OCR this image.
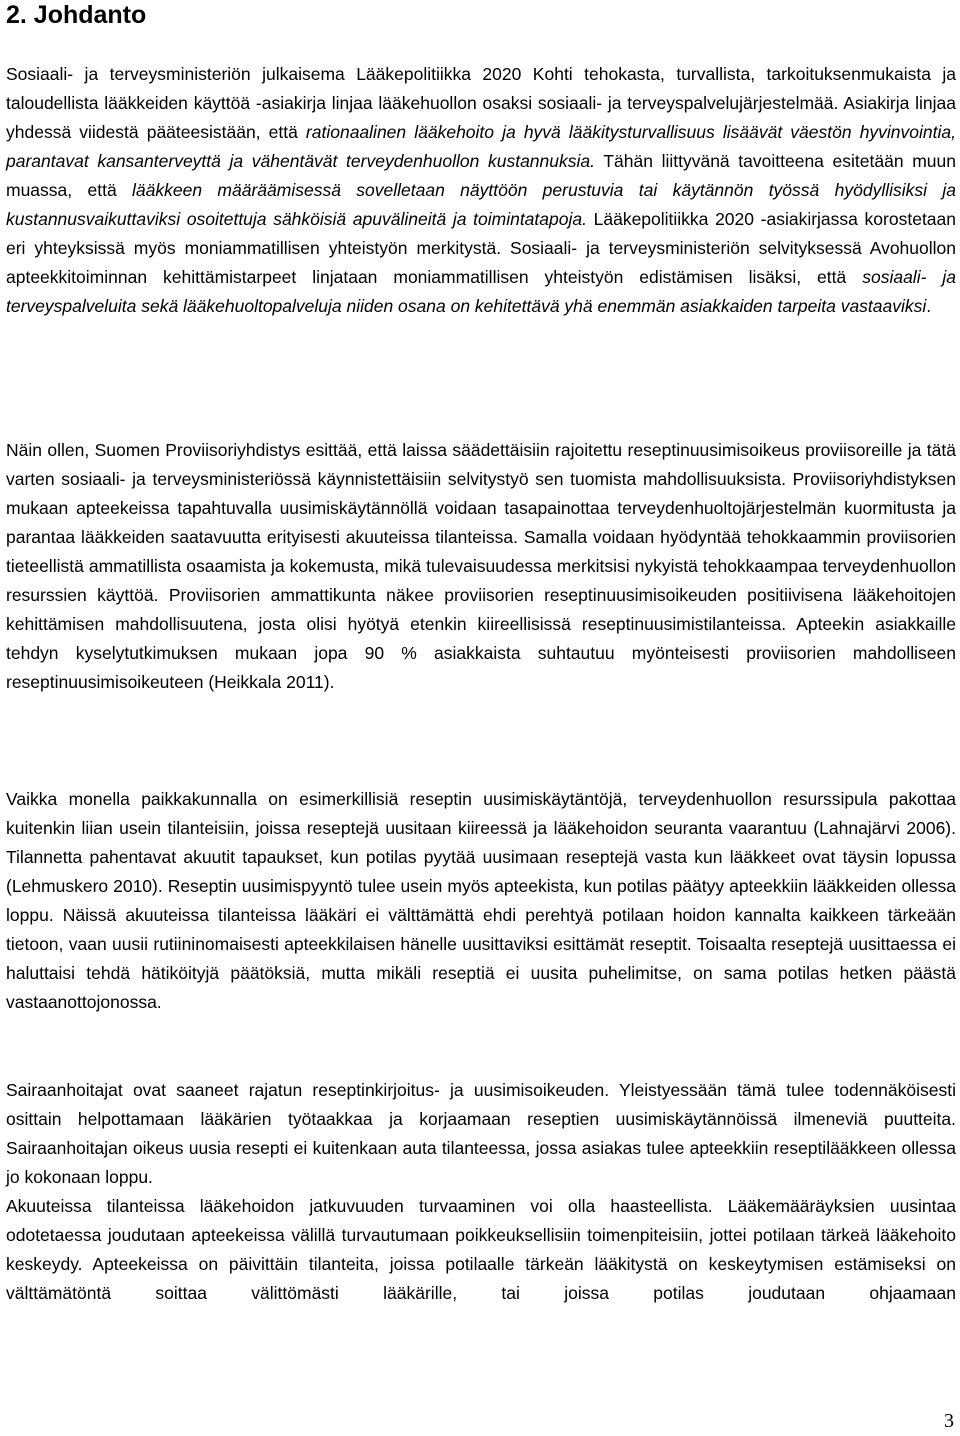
2. Johdanto

Sosiaali- ja terveysministeriön julkaisema Lääkepolitiikka 2020 Kohti tehokasta, turvallista, tarkoituksenmukaista ja taloudellista lääkkeiden käyttöä -asiakirja linjaa lääkehuollon osaksi sosiaali- ja terveyspalvelujärjestelmää. Asiakirja linjaa yhdessä viidestä pääteesistään, että rationaalinen lääkehoito ja hyvä lääkitysturvallisuus lisäävät väestön hyvinvointia, parantavat kansanterveyttä ja vähentävät terveydenhuollon kustannuksia. Tähän liittyvänä tavoitteena esitetään muun muassa, että lääkkeen määräämisessä sovelletaan näyttöön perustuvia tai käytännön työssä hyödyllisiksi ja kustannusvaikuttaviksi osoitettuja sähköisiä apuvälineitä ja toimintatapoja. Lääkepolitiikka 2020 -asiakirjassa korostetaan eri yhteyksissä myös moniammatillisen yhteistyön merkitystä. Sosiaali- ja terveysministeriön selvityksessä Avohuollon apteekkitoiminnan kehittämistarpeet linjataan moniammatillisen yhteistyön edistämisen lisäksi, että sosiaali- ja terveyspalveluita sekä lääkehuoltopalveluja niiden osana on kehitettävä yhä enemmän asiakkaiden tarpeita vastaaviksi.

Näin ollen, Suomen Proviisoriyhdistys esittää, että laissa säädettäisiin rajoitettu reseptinuusimisoikeus proviisoreille ja tätä varten sosiaali- ja terveysministeriössä käynnistettäisiin selvitystyö sen tuomista mahdollisuuksista. Proviisoriyhdistyksen mukaan apteekeissa tapahtuvalla uusimiskäytännöllä voidaan tasapainottaa terveydenhuoltojärjestelmän kuormitusta ja parantaa lääkkeiden saatavuutta erityisesti akuuteissa tilanteissa. Samalla voidaan hyödyntää tehokkaammin proviisorien tieteellistä ammatillista osaamista ja kokemusta, mikä tulevaisuudessa merkitsisi nykyistä tehokkaampaa terveydenhuollon resurssien käyttöä. Proviisorien ammattikunta näkee proviisorien reseptinuusimisoikeuden positiivisena lääkehoitojen kehittämisen mahdollisuutena, josta olisi hyötyä etenkin kiireellisissä reseptinuusimistilanteissa. Apteekin asiakkaille tehdyn kyselytutkimuksen mukaan jopa 90 % asiakkaista suhtautuu myönteisesti proviisorien mahdolliseen reseptinuusimisoikeuteen (Heikkala 2011).

Vaikka monella paikkakunnalla on esimerkillisiä reseptin uusimiskäytäntöjä, terveydenhuollon resurssipula pakottaa kuitenkin liian usein tilanteisiin, joissa reseptejä uusitaan kiireessä ja lääkehoidon seuranta vaarantuu (Lahnajärvi 2006). Tilannetta pahentavat akuutit tapaukset, kun potilas pyytää uusimaan reseptejä vasta kun lääkkeet ovat täysin lopussa (Lehmuskero 2010). Reseptin uusimispyyntö tulee usein myös apteekista, kun potilas päätyy apteekkiin lääkkeiden ollessa loppu. Näissä akuuteissa tilanteissa lääkäri ei välttämättä ehdi perehtyä potilaan hoidon kannalta kaikkeen tärkeään tietoon, vaan uusii rutiininomaisesti apteekkilaisen hänelle uusittaviksi esittämät reseptit. Toisaalta reseptejä uusittaessa ei haluttaisi tehdä hätiköityjä päätöksiä, mutta mikäli reseptiä ei uusita puhelimitse, on sama potilas hetken päästä vastaanottojonossa.

Sairaanhoitajat ovat saaneet rajatun reseptinkirjoitus- ja uusimisoikeuden. Yleistyessään tämä tulee todennäköisesti osittain helpottamaan lääkärien työtaakkaa ja korjaamaan reseptien uusimiskäytännöissä ilmeneviä puutteita. Sairaanhoitajan oikeus uusia resepti ei kuitenkaan auta tilanteessa, jossa asiakas tulee apteekkiin reseptilääkkeen ollessa jo kokonaan loppu.

Akuuteissa tilanteissa lääkehoidon jatkuvuuden turvaaminen voi olla haasteellista. Lääkemääräyksien uusintaa odotetaessa joudutaan apteekeissa välillä turvautumaan poikkeuksellisiin toimenpiteisiin, jottei potilaan tärkeä lääkehoito keskeydy. Apteekeissa on päivittäin tilanteita, joissa potilaalle tärkeän lääkitystä on keskeytymisen estämiseksi on välttämätöntä soittaa välittömästi lääkärille, tai joissa potilas joudutaan ohjaamaan

3
